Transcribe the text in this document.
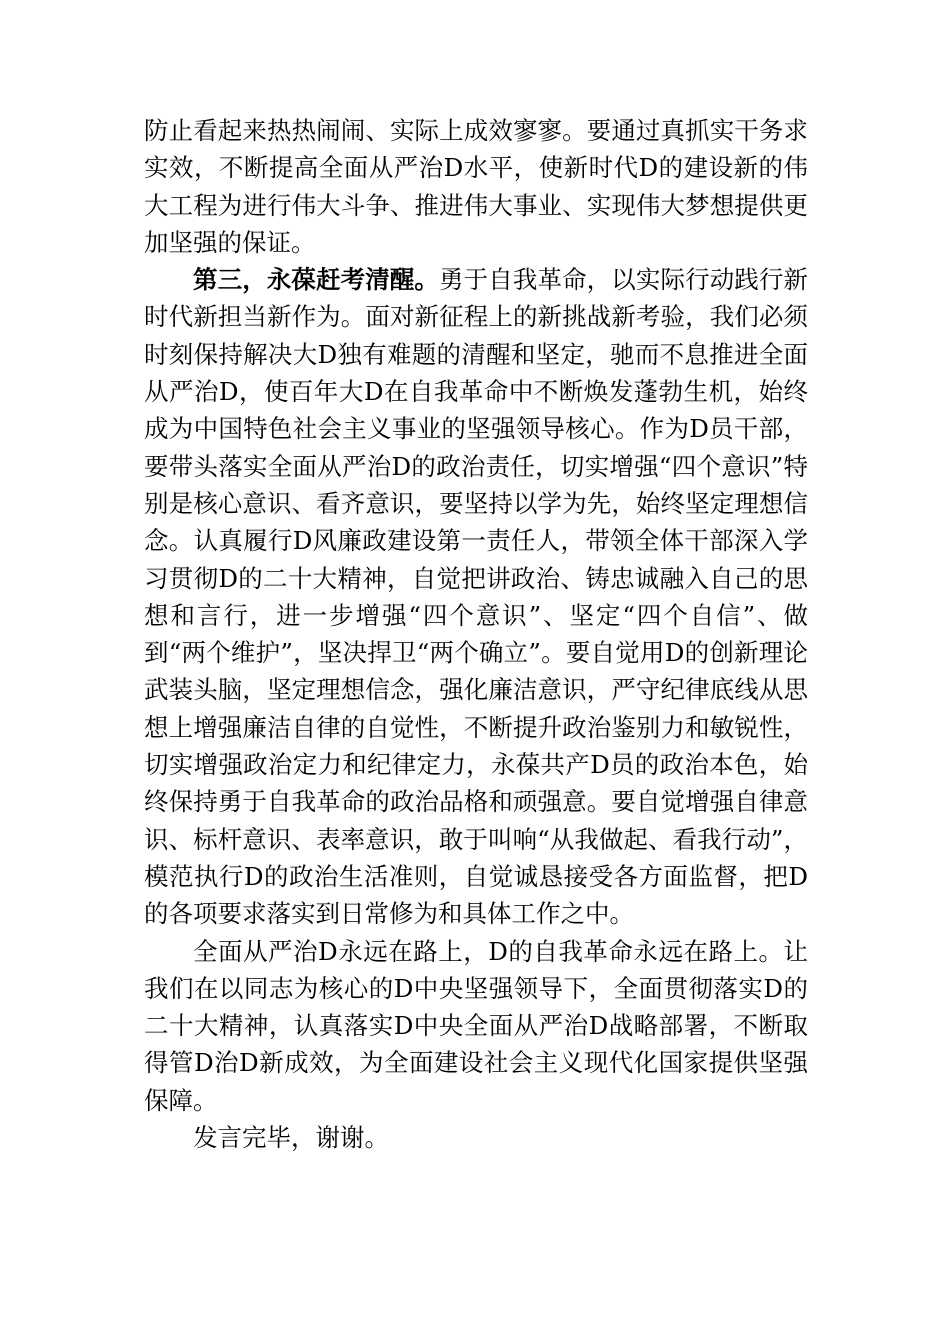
防止看起来热热闹闹、实际上成效寥寥。要通过真抓实干务求实效，不断提高全面从严治D水平，使新时代D的建设新的伟大工程为进行伟大斗争、推进伟大事业、实现伟大梦想提供更加坚强的保证。

第三，永葆赶考清醒。勇于自我革命，以实际行动践行新时代新担当新作为。面对新征程上的新挑战新考验，我们必须时刻保持解决大D独有难题的清醒和坚定，驰而不息推进全面从严治D，使百年大D在自我革命中不断焕发蓬勃生机，始终成为中国特色社会主义事业的坚强领导核心。作为D员干部，要带头落实全面从严治D的政治责任，切实增强“四个意识”特别是核心意识、看齐意识，要坚持以学为先，始终坚定理想信念。认真履行D风廉政建设第一责任人，带领全体干部深入学习贯彻D的二十大精神，自觉把讲政治、铸忠诚融入自己的思想和言行，进一步增强“四个意识”、坚定“四个自信”、做到“两个维护”，坚决捍卫“两个确立”。要自觉用D的创新理论武装头脑，坚定理想信念，强化廉洁意识，严守纪律底线从思想上增强廉洁自律的自觉性，不断提升政治鉴别力和敏锐性，切实增强政治定力和纪律定力，永葆共产D员的政治本色，始终保持勇于自我革命的政治品格和顽强意。要自觉增强自律意识、标杆意识、表率意识，敢于叫响“从我做起、看我行动”，模范执行D的政治生活准则，自觉诚恳接受各方面监督，把D的各项要求落实到日常修为和具体工作之中。

全面从严治D永远在路上，D的自我革命永远在路上。让我们在以同志为核心的D中央坚强领导下，全面贯彻落实D的二十大精神，认真落实D中央全面从严治D战略部署，不断取得管D治D新成效，为全面建设社会主义现代化国家提供坚强保障。

发言完毕，谢谢。
